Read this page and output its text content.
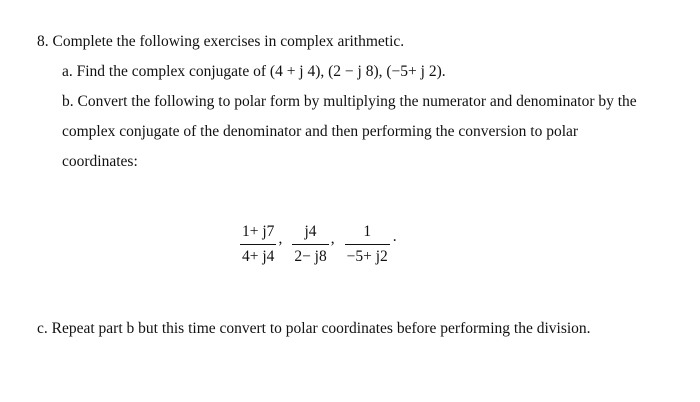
8. Complete the following exercises in complex arithmetic.
a. Find the complex conjugate of (4 + j 4), (2 − j 8), (−5+ j 2).
b. Convert the following to polar form by multiplying the numerator and denominator by the
complex conjugate of the denominator and then performing the conversion to polar
coordinates:
$\frac{1+ j7}{4+ j4}$ , $\frac{j4}{2- j8}$ , $\frac{1}{-5+ j2}$ .
c. Repeat part b but this time convert to polar coordinates before performing the division.
